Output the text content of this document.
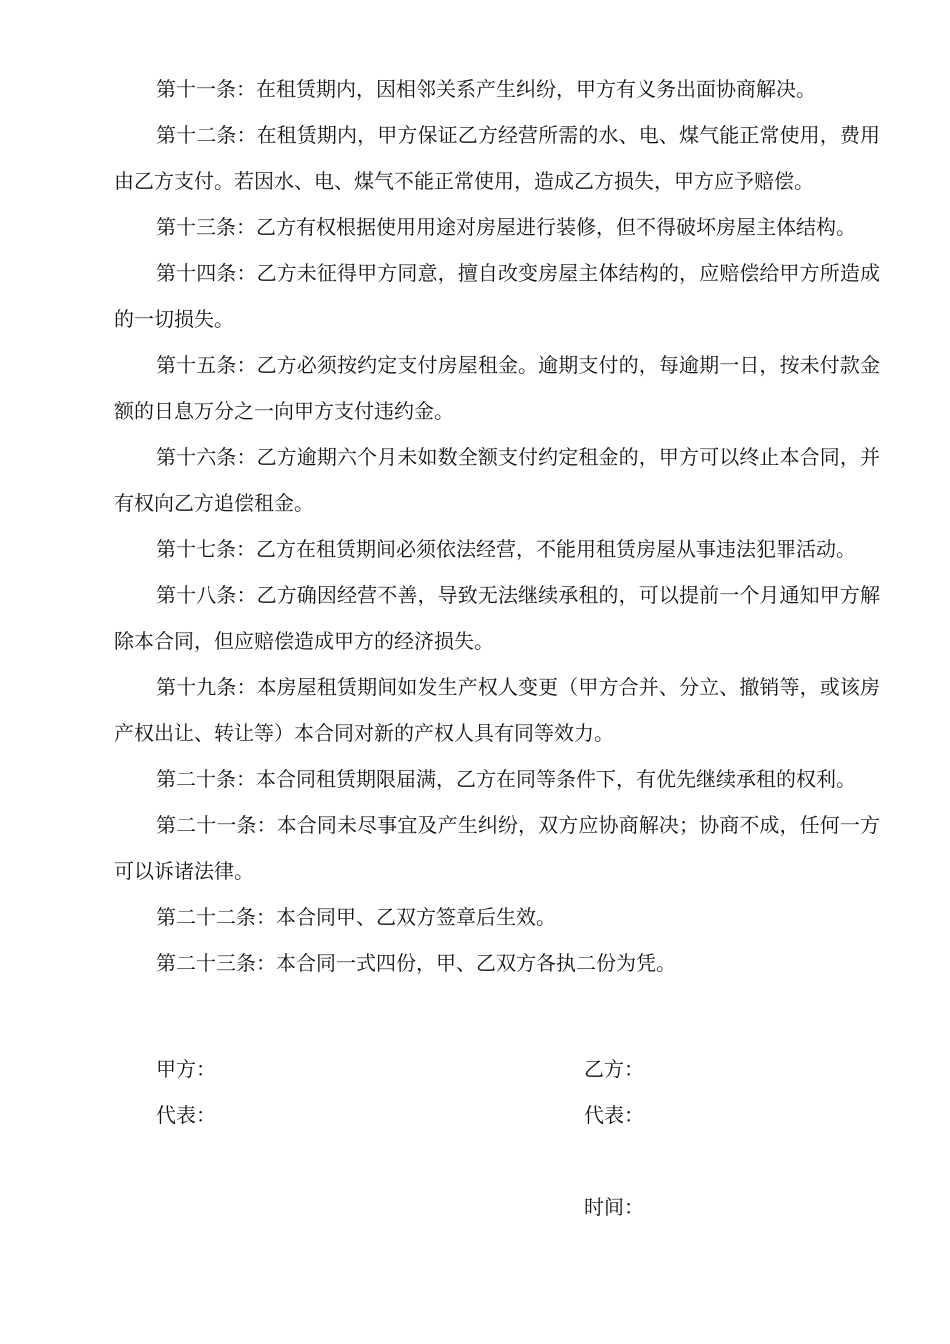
第十一条：在租赁期内，因相邻关系产生纠纷，甲方有义务出面协商解决。

第十二条：在租赁期内，甲方保证乙方经营所需的水、电、煤气能正常使用，费用由乙方支付。若因水、电、煤气不能正常使用，造成乙方损失，甲方应予赔偿。

第十三条：乙方有权根据使用用途对房屋进行装修，但不得破坏房屋主体结构。

第十四条：乙方未征得甲方同意，擅自改变房屋主体结构的，应赔偿给甲方所造成的一切损失。

第十五条：乙方必须按约定支付房屋租金。逾期支付的，每逾期一日，按未付款金额的日息万分之一向甲方支付违约金。

第十六条：乙方逾期六个月未如数全额支付约定租金的，甲方可以终止本合同，并有权向乙方追偿租金。

第十七条：乙方在租赁期间必须依法经营，不能用租赁房屋从事违法犯罪活动。

第十八条：乙方确因经营不善，导致无法继续承租的，可以提前一个月通知甲方解除本合同，但应赔偿造成甲方的经济损失。

第十九条：本房屋租赁期间如发生产权人变更（甲方合并、分立、撤销等，或该房产权出让、转让等）本合同对新的产权人具有同等效力。

第二十条：本合同租赁期限届满，乙方在同等条件下，有优先继续承租的权利。

第二十一条：本合同未尽事宜及产生纠纷，双方应协商解决；协商不成，任何一方可以诉诸法律。

第二十二条：本合同甲、乙双方签章后生效。

第二十三条：本合同一式四份，甲、乙双方各执二份为凭。

甲方：
代表：
乙方：
代表：
时间：
